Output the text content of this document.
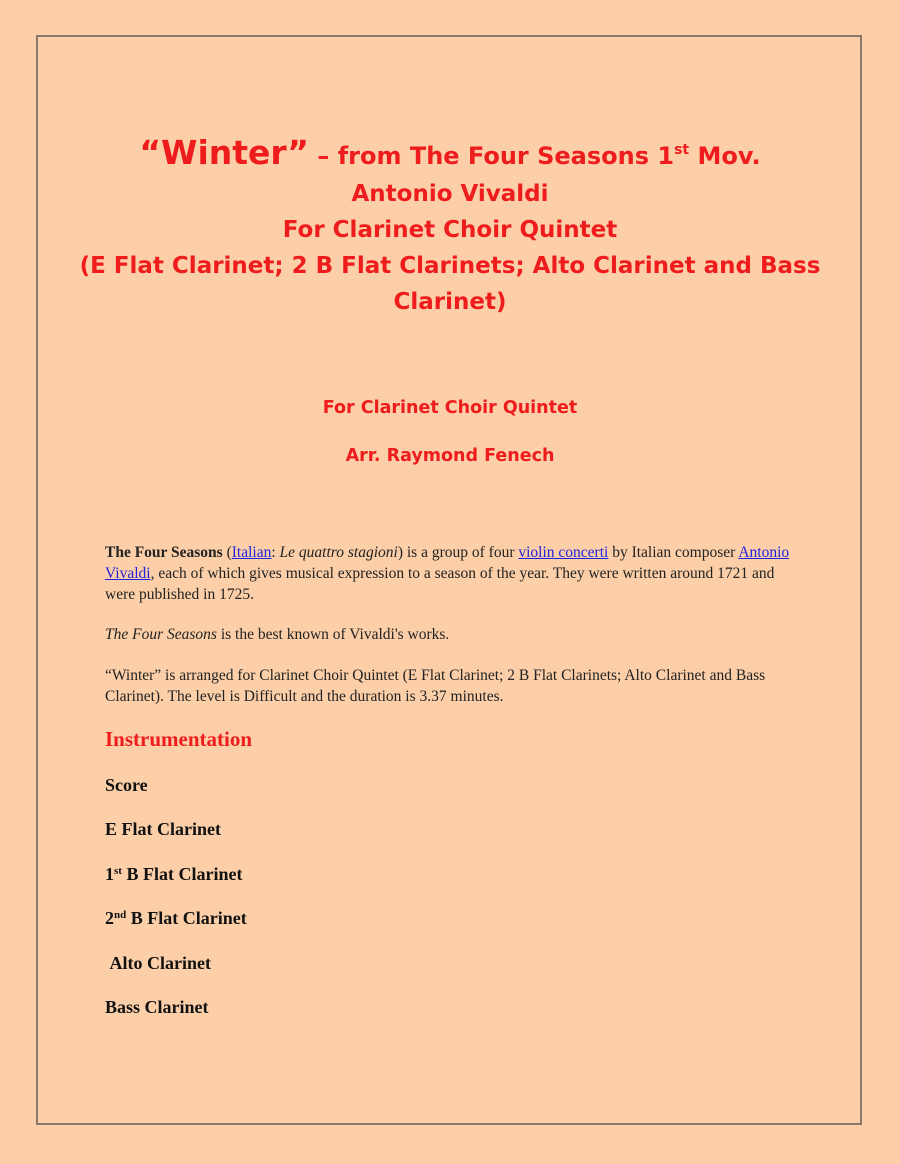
“Winter” – from The Four Seasons 1st Mov.
Antonio Vivaldi
For Clarinet Choir Quintet
(E Flat Clarinet; 2 B Flat Clarinets; Alto Clarinet and Bass
Clarinet)
For Clarinet Choir Quintet
Arr. Raymond Fenech
The Four Seasons (Italian: Le quattro stagioni) is a group of four violin concerti by Italian composer Antonio Vivaldi, each of which gives musical expression to a season of the year. They were written around 1721 and were published in 1725.
The Four Seasons is the best known of Vivaldi's works.
“Winter” is arranged for Clarinet Choir Quintet (E Flat Clarinet; 2 B Flat Clarinets; Alto Clarinet and Bass Clarinet). The level is Difficult and the duration is 3.37 minutes.
Instrumentation
Score
E Flat Clarinet
1st B Flat Clarinet
2nd B Flat Clarinet
Alto Clarinet
Bass Clarinet
